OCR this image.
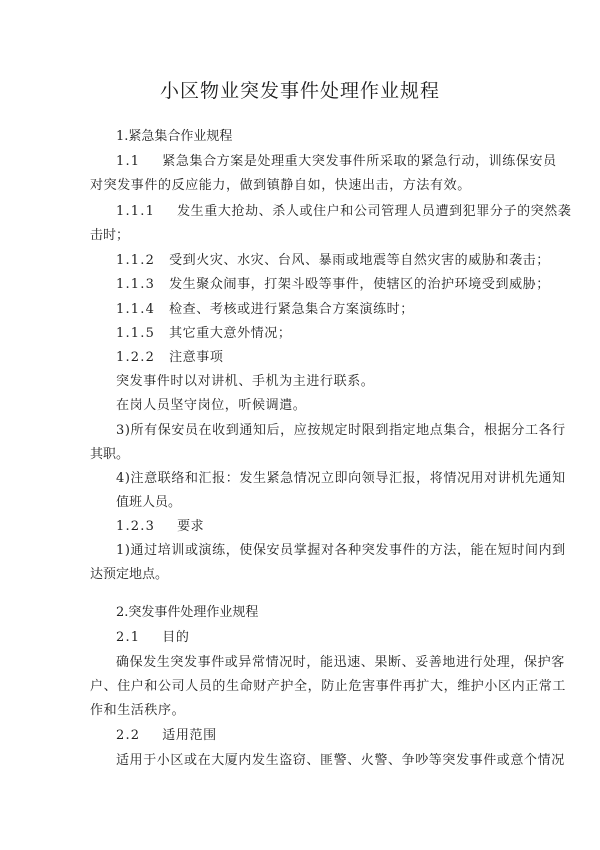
小区物业突发事件处理作业规程
1.紧急集合作业规程
1.1 紧急集合方案是处理重大突发事件所采取的紧急行动，训练保安员
对突发事件的反应能力，做到镇静自如，快速出击，方法有效。
1.1.1 发生重大抢劫、杀人或住户和公司管理人员遭到犯罪分子的突然袭
击时；
1.1.2 受到火灾、水灾、台风、暴雨或地震等自然灾害的威胁和袭击；
1.1.3 发生聚众闹事，打架斗殴等事件，使辖区的治护环境受到威胁；
1.1.4 检查、考核或进行紧急集合方案演练时；
1.1.5 其它重大意外情况；
1.2.2 注意事项
突发事件时以对讲机、手机为主进行联系。
在岗人员坚守岗位，听候调遣。
3)所有保安员在收到通知后，应按规定时限到指定地点集合，根据分工各行
其职。
4)注意联络和汇报：发生紧急情况立即向领导汇报，将情况用对讲机先通知
值班人员。
1.2.3 要求
1)通过培训或演练，使保安员掌握对各种突发事件的方法，能在短时间内到
达预定地点。
2.突发事件处理作业规程
2.1 目的
确保发生突发事件或异常情况时，能迅速、果断、妥善地进行处理，保护客
户、住户和公司人员的生命财产护全，防止危害事件再扩大，维护小区内正常工
作和生活秩序。
2.2 适用范围
适用于小区或在大厦内发生盗窃、匪警、火警、争吵等突发事件或意个情况
